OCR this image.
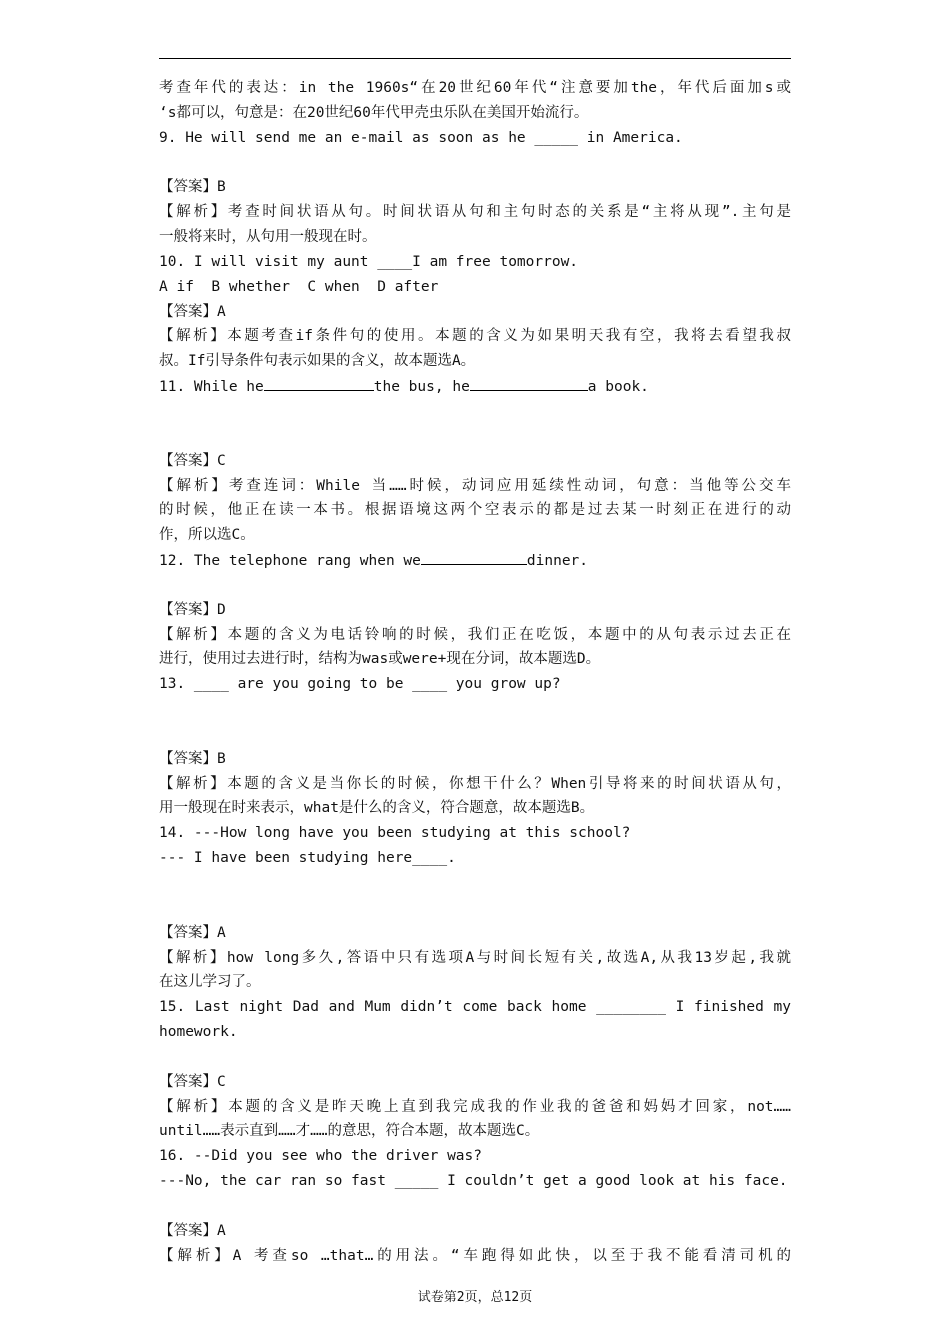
考查年代的表达：in the 1960s“在20世纪60年代“注意要加the，年代后面加s或
‘s都可以，句意是：在20世纪60年代甲壳虫乐队在美国开始流行。
9. He will send me an e-mail as soon as he _____ in America.

【答案】B
【解析】考查时间状语从句。时间状语从句和主句时态的关系是“主将从现”.主句是
一般将来时，从句用一般现在时。
10. I will visit my aunt ____I am free tomorrow.
A if  B whether  C when  D after
【答案】A
【解析】本题考查if条件句的使用。本题的含义为如果明天我有空，我将去看望我叔
叔。If引导条件句表示如果的含义，故本题选A。
11. While he	the bus, he	a book.

【答案】C
【解析】考查连词：While 当……时候，动词应用延续性动词，句意：当他等公交车
的时候，他正在读一本书。根据语境这两个空表示的都是过去某一时刻正在进行的动
作，所以选C。
12. The telephone rang when we	dinner.

【答案】D
【解析】本题的含义为电话铃响的时候，我们正在吃饭，本题中的从句表示过去正在
进行，使用过去进行时，结构为was或were+现在分词，故本题选D。
13. ____ are you going to be ____ you grow up?

【答案】B
【解析】本题的含义是当你长的时候，你想干什么？When引导将来的时间状语从句，
用一般现在时来表示，what是什么的含义，符合题意，故本题选B。
14. ---How long have you been studying at this school?
--- I have been studying here____.

【答案】A
【解析】how long多久,答语中只有选项A与时间长短有关,故选A,从我13岁起,我就
在这儿学习了。
15. Last night Dad and Mum didn’t come back home ________ I finished my
homework.

【答案】C
【解析】本题的含义是昨天晚上直到我完成我的作业我的爸爸和妈妈才回家，not……
until……表示直到……才……的意思，符合本题，故本题选C。
16. --Did you see who the driver was?
---No, the car ran so fast _____ I couldn’t get a good look at his face.

【答案】A
【解析】A 考查so …that…的用法。“车跑得如此快，以至于我不能看清司机的
试卷第2页，总12页
